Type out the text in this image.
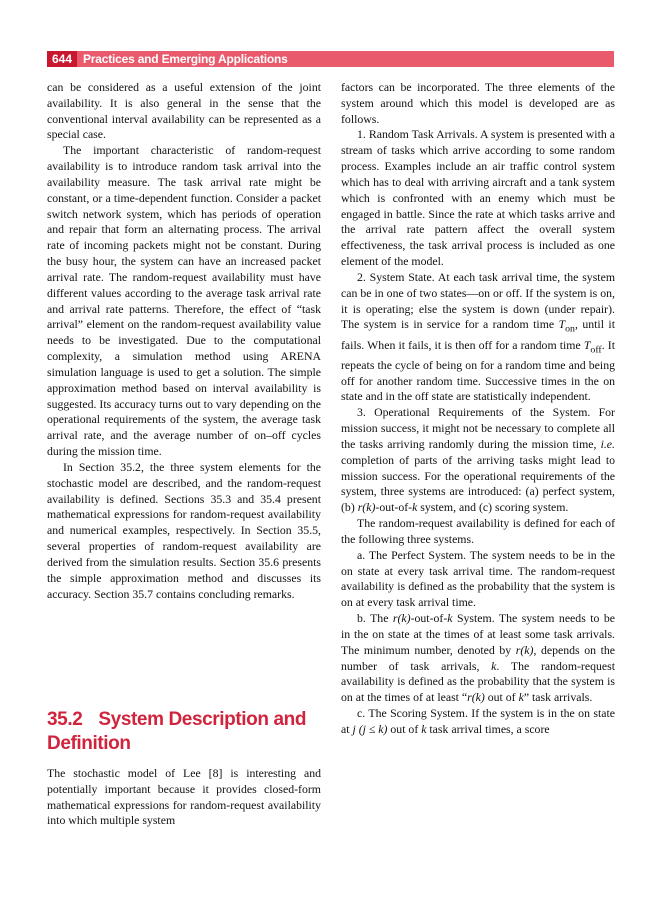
644 Practices and Emerging Applications

can be considered as a useful extension of the joint availability. It is also general in the sense that the conventional interval availability can be represented as a special case.

The important characteristic of random-request availability is to introduce random task arrival into the availability measure. The task arrival rate might be constant, or a time-dependent function. Consider a packet switch network system, which has periods of operation and repair that form an alternating process. The arrival rate of incoming packets might not be constant. During the busy hour, the system can have an increased packet arrival rate. The random-request availability must have different values according to the average task arrival rate and arrival rate patterns. Therefore, the effect of “task arrival” element on the random-request availability value needs to be investigated. Due to the computational complexity, a simulation method using ARENA simulation language is used to get a solution. The simple approximation method based on interval availability is suggested. Its accuracy turns out to vary depending on the operational requirements of the system, the average task arrival rate, and the average number of on–off cycles during the mission time.

In Section 35.2, the three system elements for the stochastic model are described, and the random-request availability is defined. Sections 35.3 and 35.4 present mathematical expressions for random-request availability and numerical examples, respectively. In Section 35.5, several properties of random-request availability are derived from the simulation results. Section 35.6 presents the simple approximation method and discusses its accuracy. Section 35.7 contains concluding remarks.

35.2 System Description and Definition

The stochastic model of Lee [8] is interesting and potentially important because it provides closed-form mathematical expressions for random-request availability into which multiple system

factors can be incorporated. The three elements of the system around which this model is developed are as follows.

1. Random Task Arrivals. A system is presented with a stream of tasks which arrive according to some random process. Examples include an air traffic control system which has to deal with arriving aircraft and a tank system which is confronted with an enemy which must be engaged in battle. Since the rate at which tasks arrive and the arrival rate pattern affect the overall system effectiveness, the task arrival process is included as one element of the model.

2. System State. At each task arrival time, the system can be in one of two states—on or off. If the system is on, it is operating; else the system is down (under repair). The system is in service for a random time $T_{on}$, until it fails. When it fails, it is then off for a random time $T_{off}$. It repeats the cycle of being on for a random time and being off for another random time. Successive times in the on state and in the off state are statistically independent.

3. Operational Requirements of the System. For mission success, it might not be necessary to complete all the tasks arriving randomly during the mission time, i.e. completion of parts of the arriving tasks might lead to mission success. For the operational requirements of the system, three systems are introduced: (a) perfect system, (b) r(k)-out-of-k system, and (c) scoring system.

The random-request availability is defined for each of the following three systems.

a. The Perfect System. The system needs to be in the on state at every task arrival time. The random-request availability is defined as the probability that the system is on at every task arrival time.

b. The r(k)-out-of-k System. The system needs to be in the on state at the times of at least some task arrivals. The minimum number, denoted by r(k), depends on the number of task arrivals, k. The random-request availability is defined as the probability that the system is on at the times of at least “r(k) out of k” task arrivals.

c. The Scoring System. If the system is in the on state at j (j ≤ k) out of k task arrival times, a score
